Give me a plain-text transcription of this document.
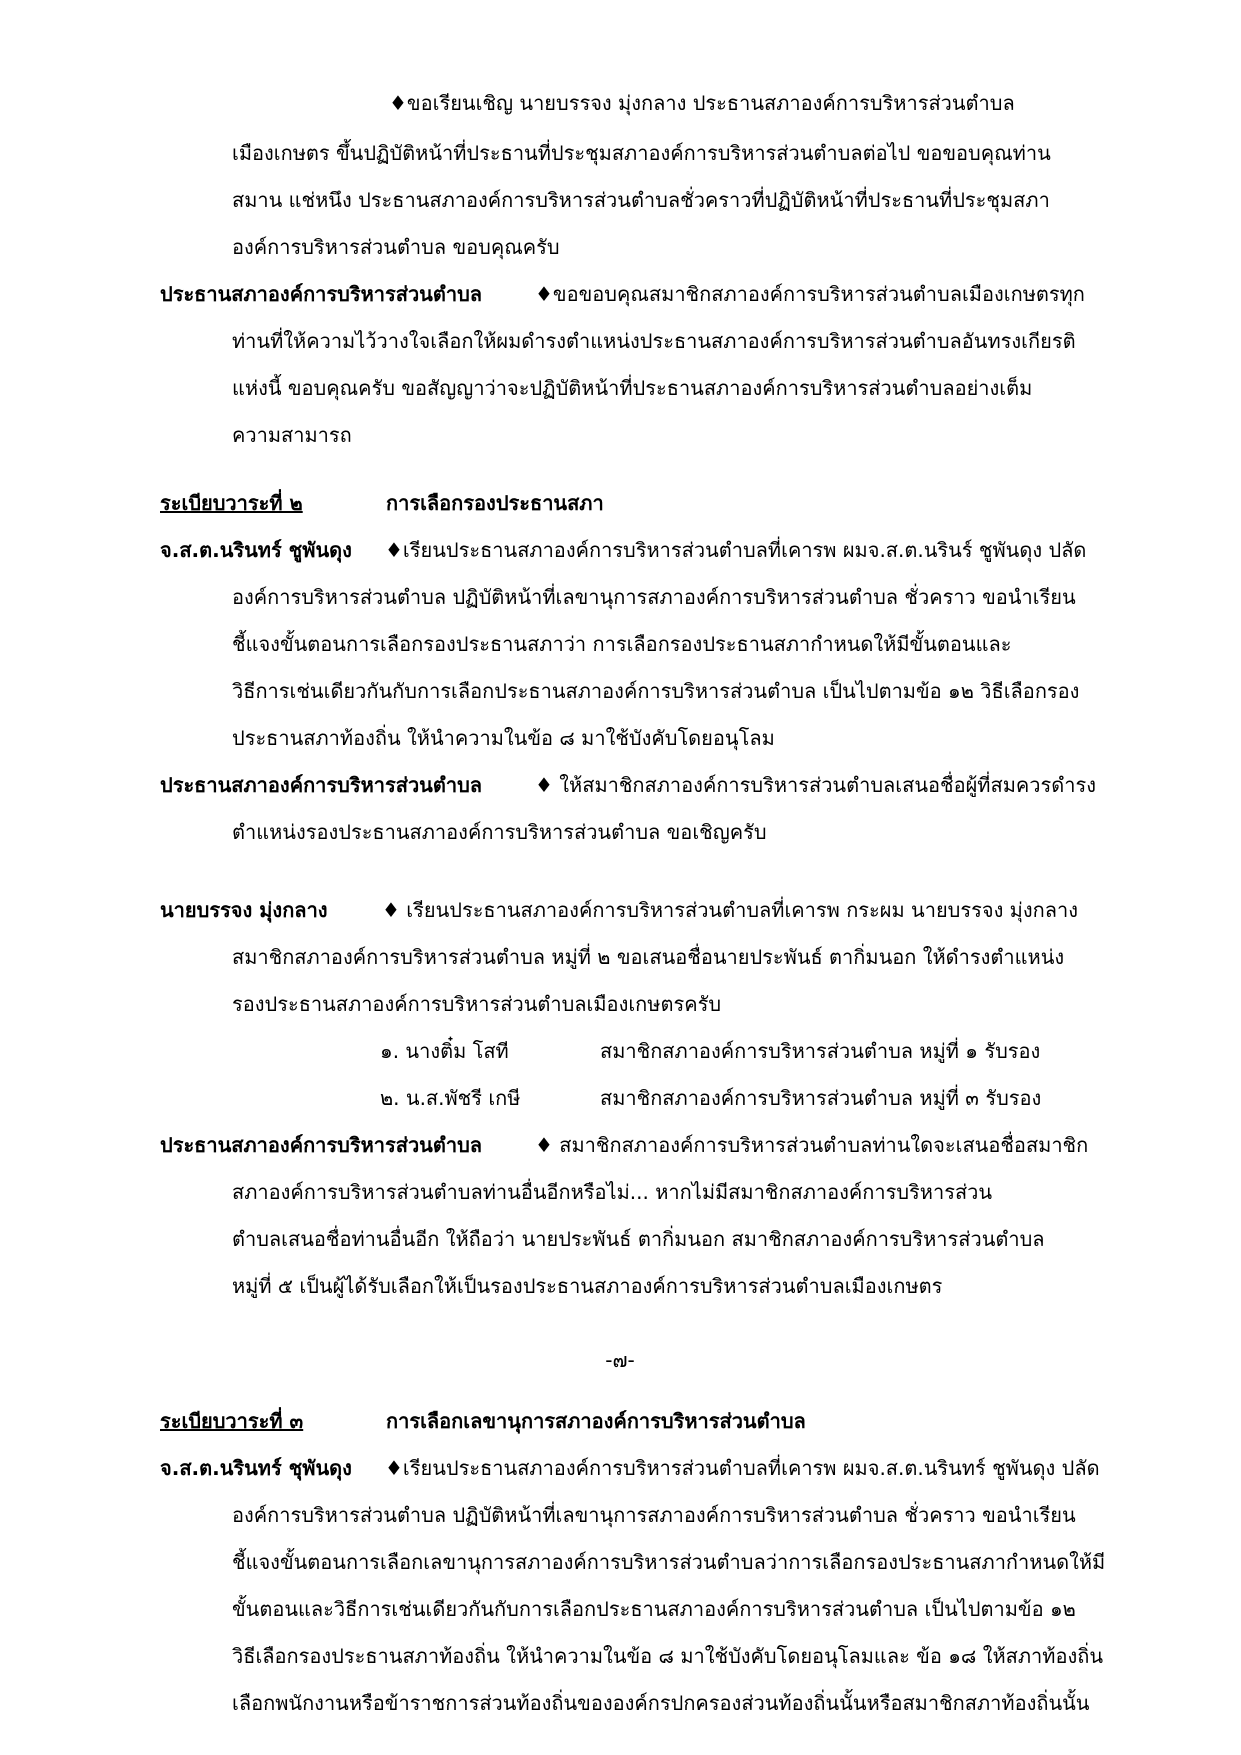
♦ขอเรียนเชิญ นายบรรจง มุ่งกลาง ประธานสภาองค์การบริหารส่วนตำบล
เมืองเกษตร ขึ้นปฏิบัติหน้าที่ประธานที่ประชุมสภาองค์การบริหารส่วนตำบลต่อไป ขอขอบคุณท่าน
สมาน แช่หนึง ประธานสภาองค์การบริหารส่วนตำบลชั่วคราวที่ปฏิบัติหน้าที่ประธานที่ประชุมสภา
องค์การบริหารส่วนตำบล ขอบคุณครับ
ประธานสภาองค์การบริหารส่วนตำบล	♦ขอขอบคุณสมาชิกสภาองค์การบริหารส่วนตำบลเมืองเกษตรทุก
ท่านที่ให้ความไว้วางใจเลือกให้ผมดำรงตำแหน่งประธานสภาองค์การบริหารส่วนตำบลอันทรงเกียรติ
แห่งนี้ ขอบคุณครับ ขอสัญญาว่าจะปฏิบัติหน้าที่ประธานสภาองค์การบริหารส่วนตำบลอย่างเต็ม
ความสามารถ
ระเบียบวาระที่ ๒	การเลือกรองประธานสภา
จ.ส.ต.นรินทร์ ชูพันดุง ♦เรียนประธานสภาองค์การบริหารส่วนตำบลที่เคารพ ผมจ.ส.ต.นรินร์ ชูพันดุง ปลัด
องค์การบริหารส่วนตำบล ปฏิบัติหน้าที่เลขานุการสภาองค์การบริหารส่วนตำบล ชั่วคราว ขอนำเรียน
ชี้แจงขั้นตอนการเลือกรองประธานสภาว่า การเลือกรองประธานสภากำหนดให้มีขั้นตอนและ
วิธีการเช่นเดียวกันกับการเลือกประธานสภาองค์การบริหารส่วนตำบล เป็นไปตามข้อ ๑๒ วิธีเลือกรอง
ประธานสภาท้องถิ่น ให้นำความในข้อ ๘ มาใช้บังคับโดยอนุโลม
ประธานสภาองค์การบริหารส่วนตำบล	♦ ให้สมาชิกสภาองค์การบริหารส่วนตำบลเสนอชื่อผู้ที่สมควรดำรง
ตำแหน่งรองประธานสภาองค์การบริหารส่วนตำบล ขอเชิญครับ
นายบรรจง มุ่งกลาง	♦ เรียนประธานสภาองค์การบริหารส่วนตำบลที่เคารพ กระผม นายบรรจง มุ่งกลาง
สมาชิกสภาองค์การบริหารส่วนตำบล หมู่ที่ ๒ ขอเสนอชื่อนายประพันธ์ ตากิ่มนอก ให้ดำรงตำแหน่ง
รองประธานสภาองค์การบริหารส่วนตำบลเมืองเกษตรครับ
๑. นางติ๋ม โสที	สมาชิกสภาองค์การบริหารส่วนตำบล หมู่ที่ ๑ รับรอง
๒. น.ส.พัชรี เกษี	สมาชิกสภาองค์การบริหารส่วนตำบล หมู่ที่ ๓ รับรอง
ประธานสภาองค์การบริหารส่วนตำบล	♦ สมาชิกสภาองค์การบริหารส่วนตำบลท่านใดจะเสนอชื่อสมาชิก
สภาองค์การบริหารส่วนตำบลท่านอื่นอีกหรือไม่... หากไม่มีสมาชิกสภาองค์การบริหารส่วน
ตำบลเสนอชื่อท่านอื่นอีก ให้ถือว่า นายประพันธ์ ตากิ่มนอก สมาชิกสภาองค์การบริหารส่วนตำบล
หมู่ที่ ๕ เป็นผู้ได้รับเลือกให้เป็นรองประธานสภาองค์การบริหารส่วนตำบลเมืองเกษตร
-๗-
ระเบียบวาระที่ ๓	การเลือกเลขานุการสภาองค์การบริหารส่วนตำบล
จ.ส.ต.นรินทร์ ชุพันดุง ♦เรียนประธานสภาองค์การบริหารส่วนตำบลที่เคารพ ผมจ.ส.ต.นรินทร์ ชูพันดุง ปลัด
องค์การบริหารส่วนตำบล ปฏิบัติหน้าที่เลขานุการสภาองค์การบริหารส่วนตำบล ชั่วคราว ขอนำเรียน
ชี้แจงขั้นตอนการเลือกเลขานุการสภาองค์การบริหารส่วนตำบลว่าการเลือกรองประธานสภากำหนดให้มี
ขั้นตอนและวิธีการเช่นเดียวกันกับการเลือกประธานสภาองค์การบริหารส่วนตำบล เป็นไปตามข้อ ๑๒
วิธีเลือกรองประธานสภาท้องถิ่น ให้นำความในข้อ ๘ มาใช้บังคับโดยอนุโลมและ ข้อ ๑๘ ให้สภาท้องถิ่น
เลือกพนักงานหรือข้าราชการส่วนท้องถิ่นขององค์กรปกครองส่วนท้องถิ่นนั้นหรือสมาชิกสภาท้องถิ่นนั้น
